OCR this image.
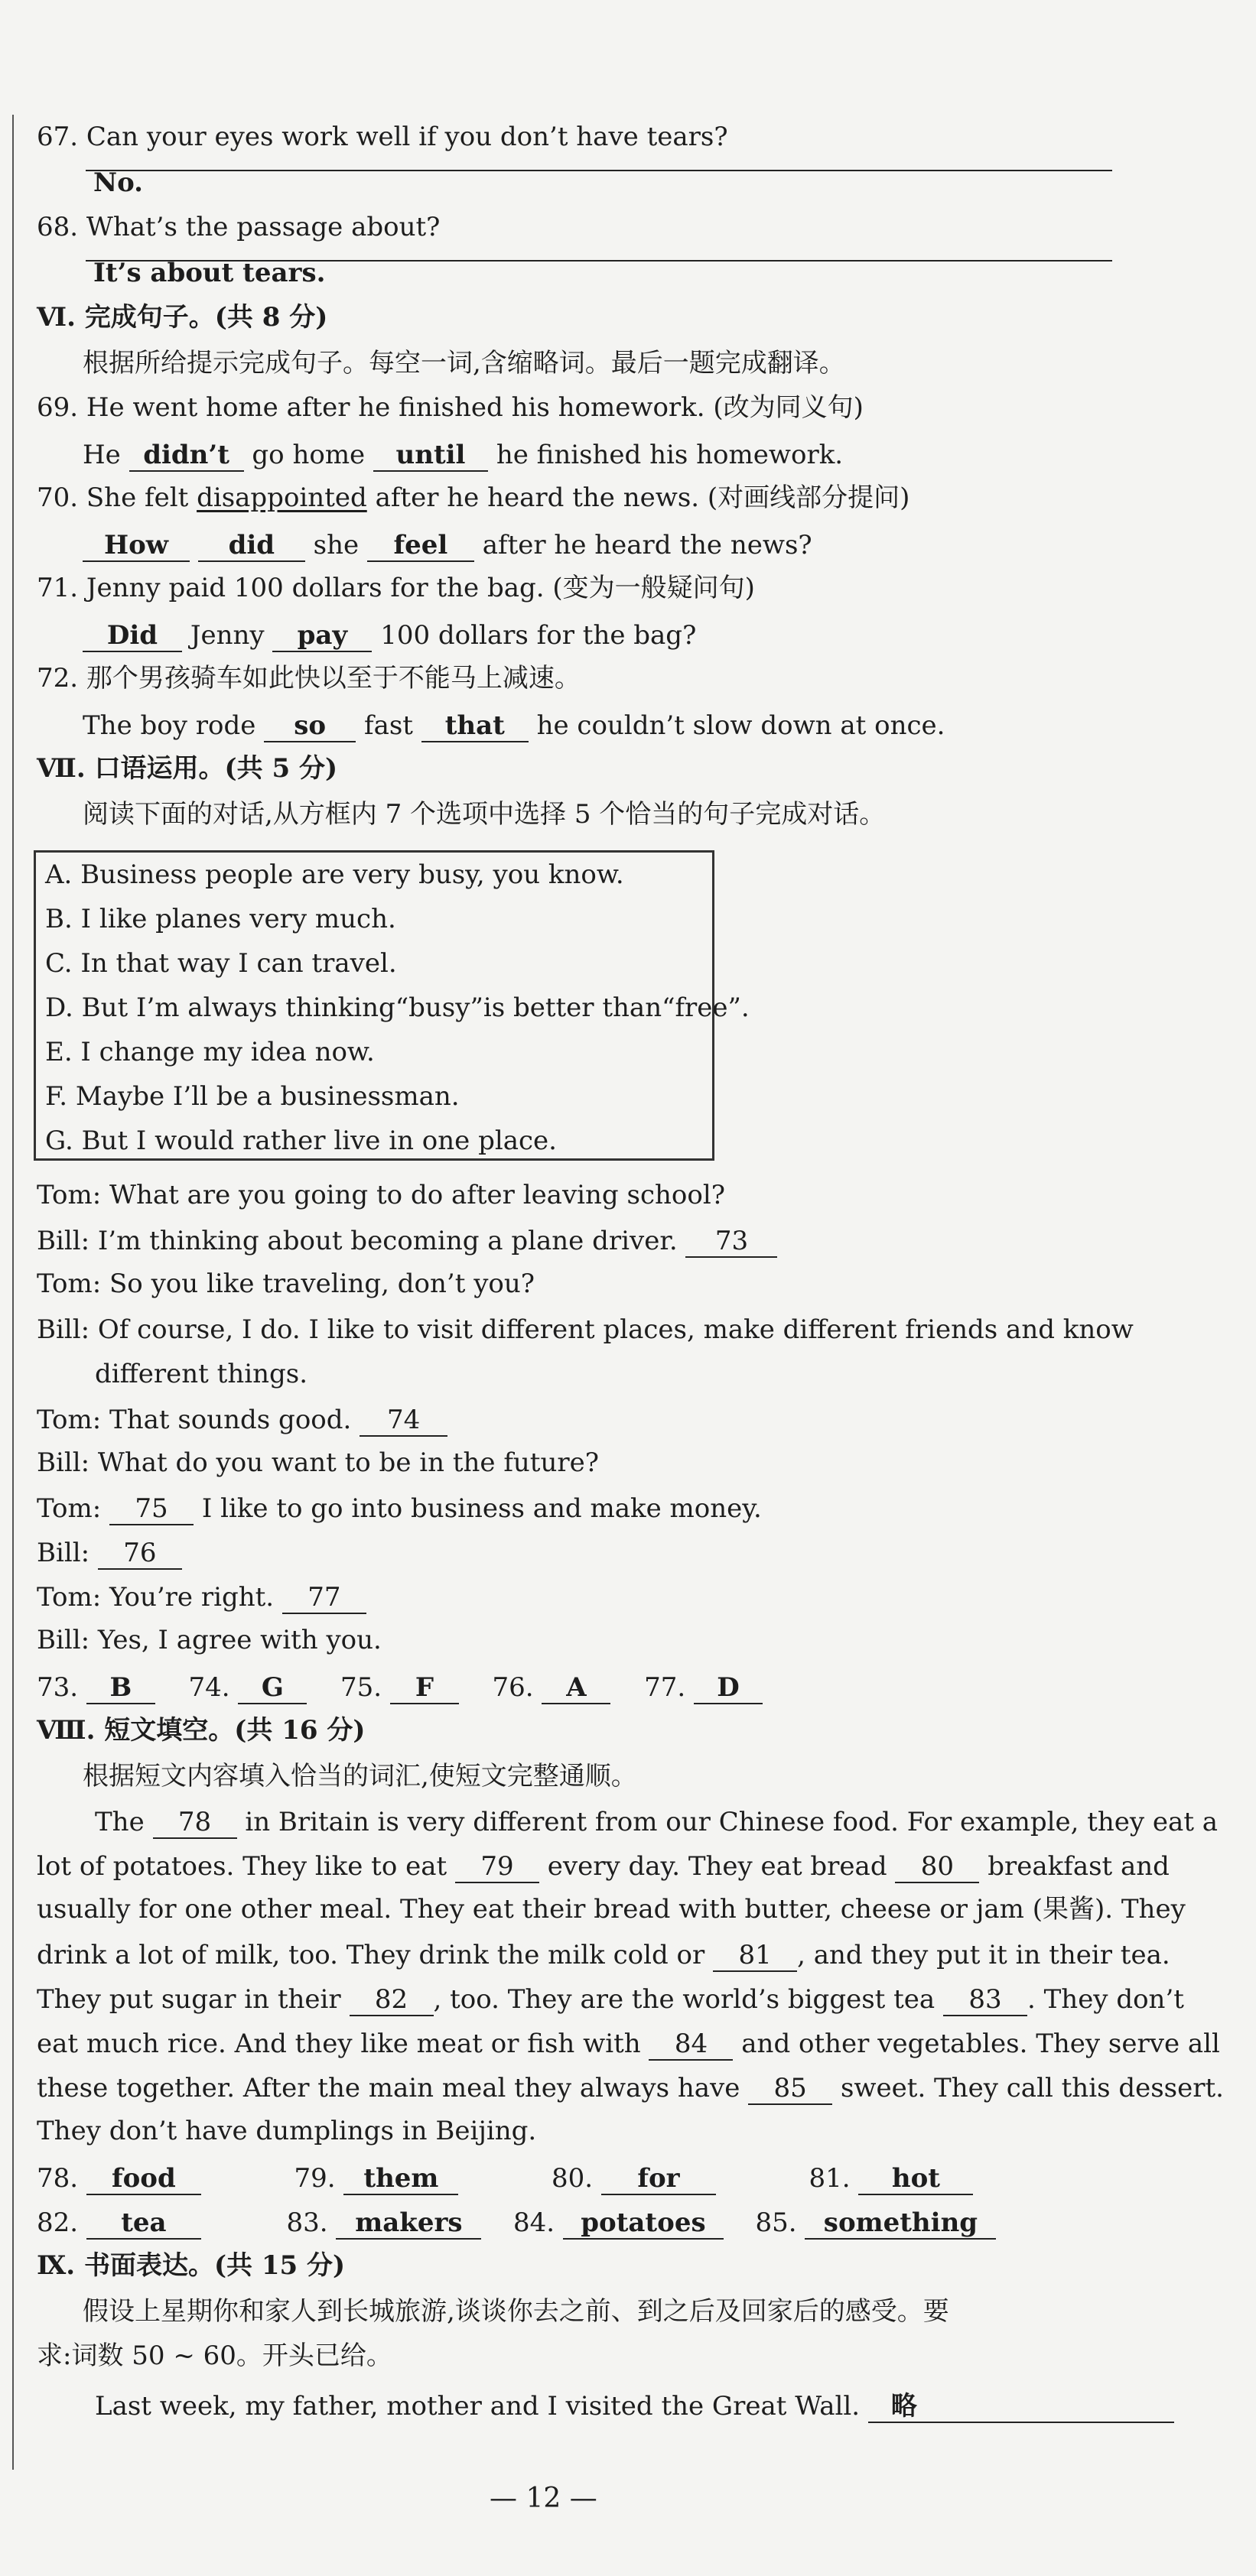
67. Can your eyes work well if you don’t have tears?
No.
68. What’s the passage about?
It’s about tears.
Ⅵ. 完成句子。(共 8 分)
根据所给提示完成句子。每空一词,含缩略词。最后一题完成翻译。
69. He went home after he finished his homework. (改为同义句)
He didn’t go home until he finished his homework.
70. She felt disappointed after he heard the news. (对画线部分提问)
How did she feel after he heard the news?
71. Jenny paid 100 dollars for the bag. (变为一般疑问句)
Did Jenny pay 100 dollars for the bag?
72. 那个男孩骑车如此快以至于不能马上减速。
The boy rode so fast that he couldn’t slow down at once.
Ⅶ. 口语运用。(共 5 分)
阅读下面的对话,从方框内 7 个选项中选择 5 个恰当的句子完成对话。
A. Business people are very busy, you know.
B. I like planes very much.
C. In that way I can travel.
D. But I’m always thinking“busy”is better than“free”.
E. I change my idea now.
F. Maybe I’ll be a businessman.
G. But I would rather live in one place.
Tom: What are you going to do after leaving school?
Bill: I’m thinking about becoming a plane driver. 73
Tom: So you like traveling, don’t you?
Bill: Of course, I do. I like to visit different places, make different friends and know
different things.
Tom: That sounds good. 74
Bill: What do you want to be in the future?
Tom: 75 I like to go into business and make money.
Bill: 76
Tom: You’re right. 77
Bill: Yes, I agree with you.
73. B 74. G 75. F 76. A 77. D
Ⅷ. 短文填空。(共 16 分)
根据短文内容填入恰当的词汇,使短文完整通顺。
The 78 in Britain is very different from our Chinese food. For example, they eat a
lot of potatoes. They like to eat 79 every day. They eat bread 80 breakfast and
usually for one other meal. They eat their bread with butter, cheese or jam (果酱). They
drink a lot of milk, too. They drink the milk cold or 81 , and they put it in their tea.
They put sugar in their 82 , too. They are the world’s biggest tea 83 . They don’t
eat much rice. And they like meat or fish with 84 and other vegetables. They serve all
these together. After the main meal they always have 85 sweet. They call this dessert.
They don’t have dumplings in Beijing.
78. food	79. them	80. for	81. hot
82. tea	83. makers 84. potatoes 85. something
Ⅸ. 书面表达。(共 15 分)
假设上星期你和家人到长城旅游,谈谈你去之前、到之后及回家后的感受。要
求:词数 50 ~ 60。开头已给。
Last week, my father, mother and I visited the Great Wall. 略
— 12 —
